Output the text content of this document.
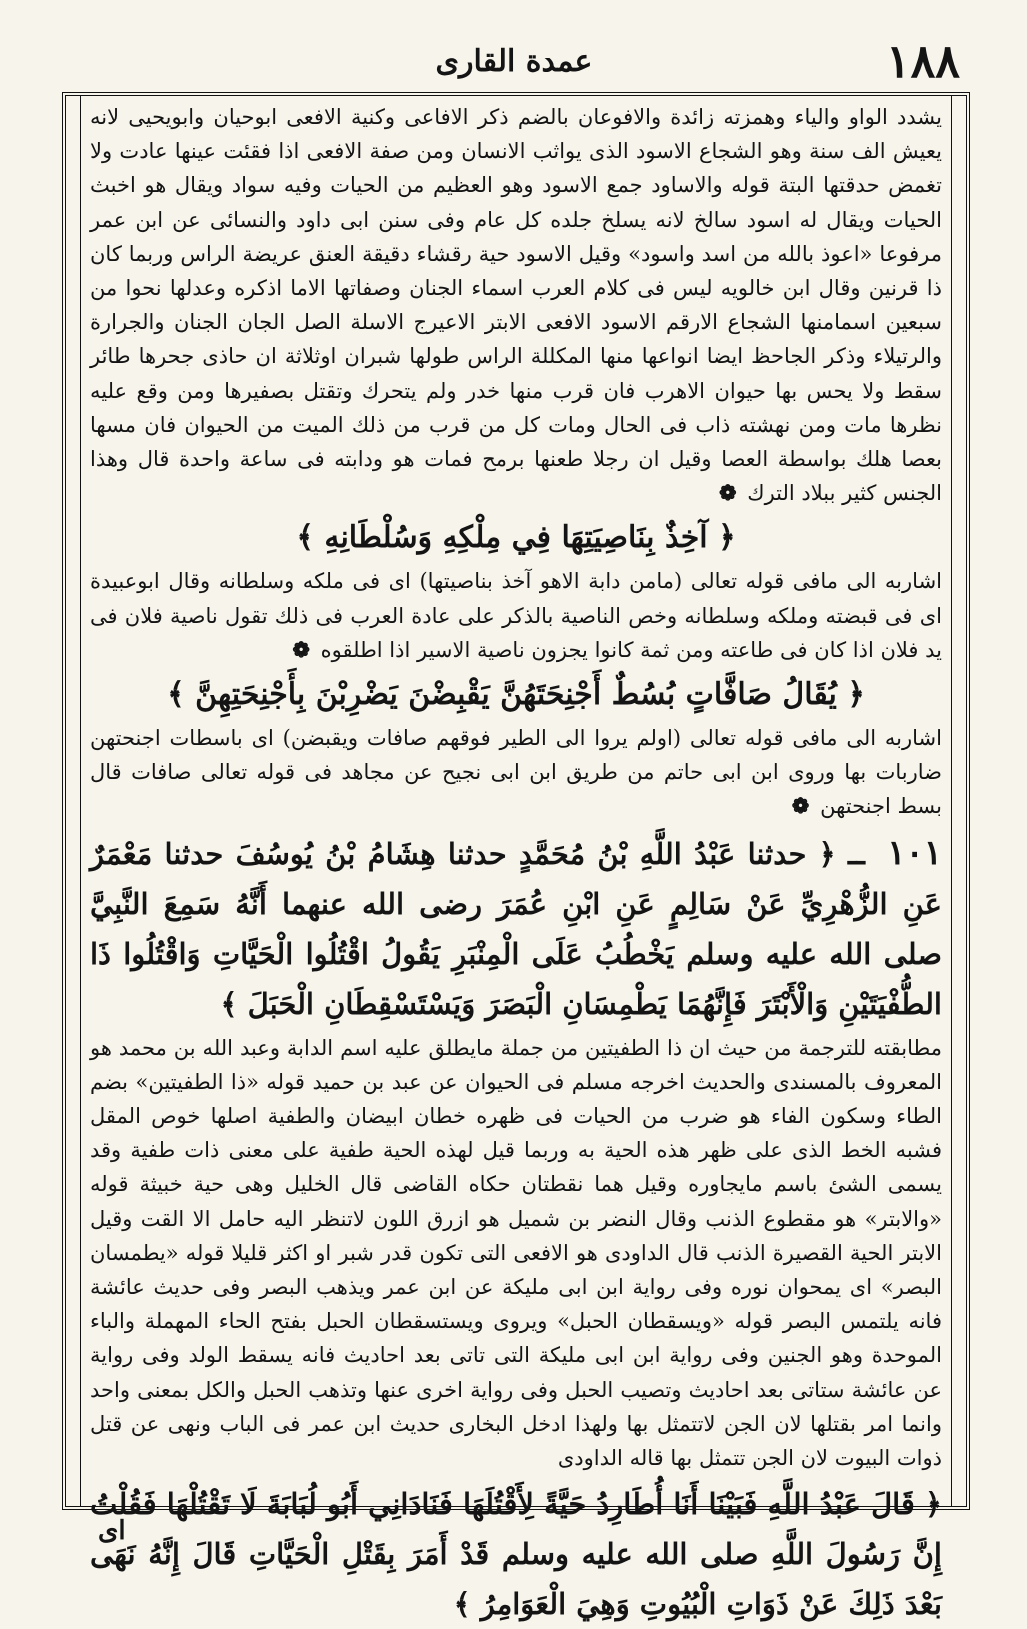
١٨٨
عمدة القارى

يشدد الواو والياء وهمزته زائدة والافوعان بالضم ذكر الافاعى وكنية الافعى ابوحيان وابويحيى لانه يعيش الف سنة وهو الشجاع الاسود الذى يواثب الانسان ومن صفة الافعى اذا فقئت عينها عادت ولا تغمض حدقتها البتة قوله والاساود جمع الاسود وهو العظيم من الحيات وفيه سواد ويقال هو اخبث الحيات ويقال له اسود سالخ لانه يسلخ جلده كل عام وفى سنن ابى داود والنسائى عن ابن عمر مرفوعا «اعوذ بالله من اسد واسود» وقيل الاسود حية رقشاء دقيقة العنق عريضة الراس وربما كان ذا قرنين وقال ابن خالويه ليس فى كلام العرب اسماء الجنان وصفاتها الاما اذكره وعدلها نحوا من سبعين اسمامنها الشجاع الارقم الاسود الافعى الابتر الاعيرج الاسلة الصل الجان الجنان والجرارة والرتيلاء وذكر الجاحظ ايضا انواعها منها المكللة الراس طولها شبران اوثلاثة ان حاذى جحرها طائر سقط ولا يحس بها حيوان الاهرب فان قرب منها خدر ولم يتحرك وتقتل بصفيرها ومن وقع عليه نظرها مات ومن نهشته ذاب فى الحال ومات كل من قرب من ذلك الميت من الحيوان فان مسها بعصا هلك بواسطة العصا وقيل ان رجلا طعنها برمح فمات هو ودابته فى ساعة واحدة قال وهذا الجنس كثير ببلاد الترك ❁

﴿ آخِذٌ بِنَاصِيَتِهَا فِي مِلْكِهِ وَسُلْطَانِهِ ﴾

اشاربه الى مافى قوله تعالى (مامن دابة الاهو آخذ بناصيتها) اى فى ملكه وسلطانه وقال ابوعبيدة اى فى قبضته وملكه وسلطانه وخص الناصية بالذكر على عادة العرب فى ذلك تقول ناصية فلان فى يد فلان اذا كان فى طاعته ومن ثمة كانوا يجزون ناصية الاسير اذا اطلقوه ❁

﴿ يُقَالُ صَافَّاتٍ بُسُطٌ أَجْنِحَتَهُنَّ يَقْبِضْنَ يَضْرِبْنَ بِأَجْنِحَتِهِنَّ ﴾

اشاربه الى مافى قوله تعالى (اولم يروا الى الطير فوقهم صافات ويقبضن) اى باسطات اجنحتهن ضاربات بها وروى ابن ابى حاتم من طريق ابن ابى نجيح عن مجاهد فى قوله تعالى صافات قال بسط اجنحتهن ❁

١٠١ ــ ﴿ حدثنا عَبْدُ اللَّهِ بْنُ مُحَمَّدٍ حدثنا هِشَامُ بْنُ يُوسُفَ حدثنا مَعْمَرٌ عَنِ الزُّهْرِيِّ عَنْ سَالِمٍ عَنِ ابْنِ عُمَرَ رضى الله عنهما أَنَّهُ سَمِعَ النَّبِيَّ صلى الله عليه وسلم يَخْطُبُ عَلَى الْمِنْبَرِ يَقُولُ اقْتُلُوا الْحَيَّاتِ وَاقْتُلُوا ذَا الطُّفْيَتَيْنِ وَالْأَبْتَرَ فَإِنَّهُمَا يَطْمِسَانِ الْبَصَرَ وَيَسْتَسْقِطَانِ الْحَبَلَ ﴾

مطابقته للترجمة من حيث ان ذا الطفيتين من جملة مايطلق عليه اسم الدابة وعبد الله بن محمد هو المعروف بالمسندى والحديث اخرجه مسلم فى الحيوان عن عبد بن حميد قوله «ذا الطفيتين» بضم الطاء وسكون الفاء هو ضرب من الحيات فى ظهره خطان ابيضان والطفية اصلها خوص المقل فشبه الخط الذى على ظهر هذه الحية به وربما قيل لهذه الحية طفية على معنى ذات طفية وقد يسمى الشئ باسم مايجاوره وقيل هما نقطتان حكاه القاضى قال الخليل وهى حية خبيثة قوله «والابتر» هو مقطوع الذنب وقال النضر بن شميل هو ازرق اللون لاتنظر اليه حامل الا القت وقيل الابتر الحية القصيرة الذنب قال الداودى هو الافعى التى تكون قدر شبر او اكثر قليلا قوله «يطمسان البصر» اى يمحوان نوره وفى رواية ابن ابى مليكة عن ابن عمر ويذهب البصر وفى حديث عائشة فانه يلتمس البصر قوله «ويسقطان الحبل» ويروى ويستسقطان الحبل بفتح الحاء المهملة والباء الموحدة وهو الجنين وفى رواية ابن ابى مليكة التى تاتى بعد احاديث فانه يسقط الولد وفى رواية عن عائشة ستاتى بعد احاديث وتصيب الحبل وفى رواية اخرى عنها وتذهب الحبل والكل بمعنى واحد وانما امر بقتلها لان الجن لاتتمثل بها ولهذا ادخل البخارى حديث ابن عمر فى الباب ونهى عن قتل ذوات البيوت لان الجن تتمثل بها قاله الداودى

﴿ قَالَ عَبْدُ اللَّهِ فَبَيْنَا أَنَا أُطَارِدُ حَيَّةً لِأَقْتُلَهَا فَنَادَانِي أَبُو لُبَابَةَ لَا تَقْتُلْهَا فَقُلْتُ إِنَّ رَسُولَ اللَّهِ صلى الله عليه وسلم قَدْ أَمَرَ بِقَتْلِ الْحَيَّاتِ قَالَ إِنَّهُ نَهَى بَعْدَ ذَلِكَ عَنْ ذَوَاتِ الْبُيُوتِ وَهِيَ الْعَوَامِرُ ﴾

اى
